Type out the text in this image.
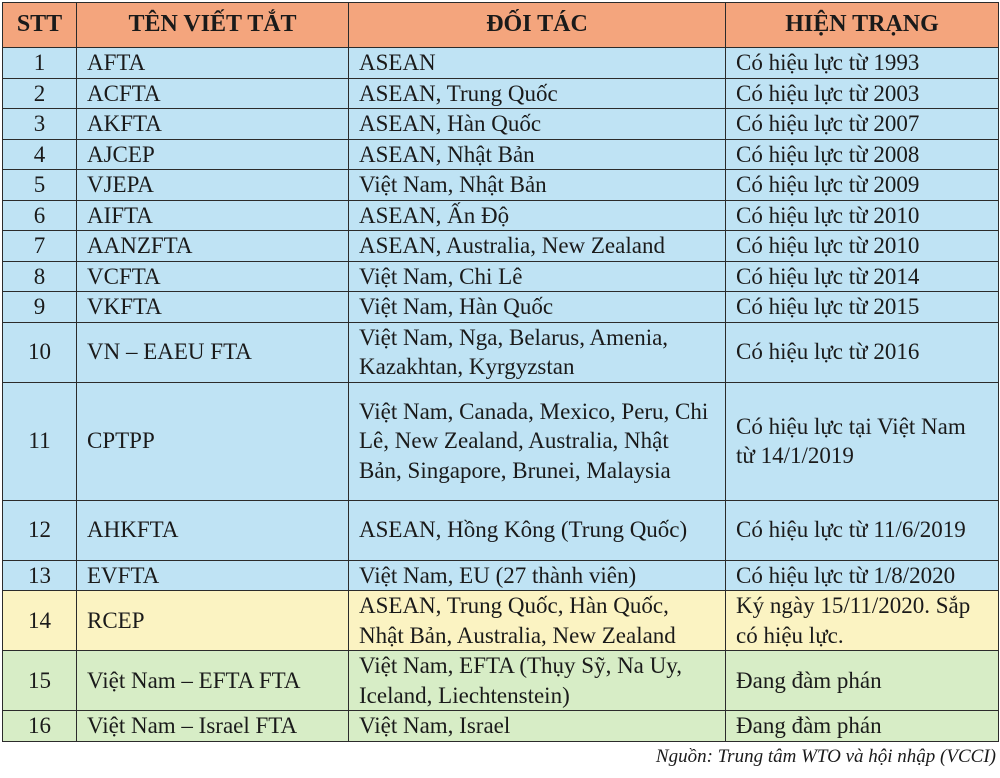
STT	TÊN VIẾT TẮT	ĐỐI TÁC	HIỆN TRẠNG
1	AFTA	ASEAN	Có hiệu lực từ 1993
2	ACFTA	ASEAN, Trung Quốc	Có hiệu lực từ 2003
3	AKFTA	ASEAN, Hàn Quốc	Có hiệu lực từ 2007
4	AJCEP	ASEAN, Nhật Bản	Có hiệu lực từ 2008
5	VJEPA	Việt Nam, Nhật Bản	Có hiệu lực từ 2009
6	AIFTA	ASEAN, Ấn Độ	Có hiệu lực từ 2010
7	AANZFTA	ASEAN, Australia, New Zealand	Có hiệu lực từ 2010
8	VCFTA	Việt Nam, Chi Lê	Có hiệu lực từ 2014
9	VKFTA	Việt Nam, Hàn Quốc	Có hiệu lực từ 2015
10	VN – EAEU FTA	Việt Nam, Nga, Belarus, Amenia, Kazakhtan, Kyrgyzstan	Có hiệu lực từ 2016
11	CPTPP	Việt Nam, Canada, Mexico, Peru, Chi Lê, New Zealand, Australia, Nhật Bản, Singapore, Brunei, Malaysia	Có hiệu lực tại Việt Nam từ 14/1/2019
12	AHKFTA	ASEAN, Hồng Kông (Trung Quốc)	Có hiệu lực từ 11/6/2019
13	EVFTA	Việt Nam, EU (27 thành viên)	Có hiệu lực từ 1/8/2020
14	RCEP	ASEAN, Trung Quốc, Hàn Quốc, Nhật Bản, Australia, New Zealand	Ký ngày 15/11/2020. Sắp có hiệu lực.
15	Việt Nam – EFTA FTA	Việt Nam, EFTA (Thụy Sỹ, Na Uy, Iceland, Liechtenstein)	Đang đàm phán
16	Việt Nam – Israel FTA	Việt Nam, Israel	Đang đàm phán
Nguồn: Trung tâm WTO và hội nhập (VCCI)
